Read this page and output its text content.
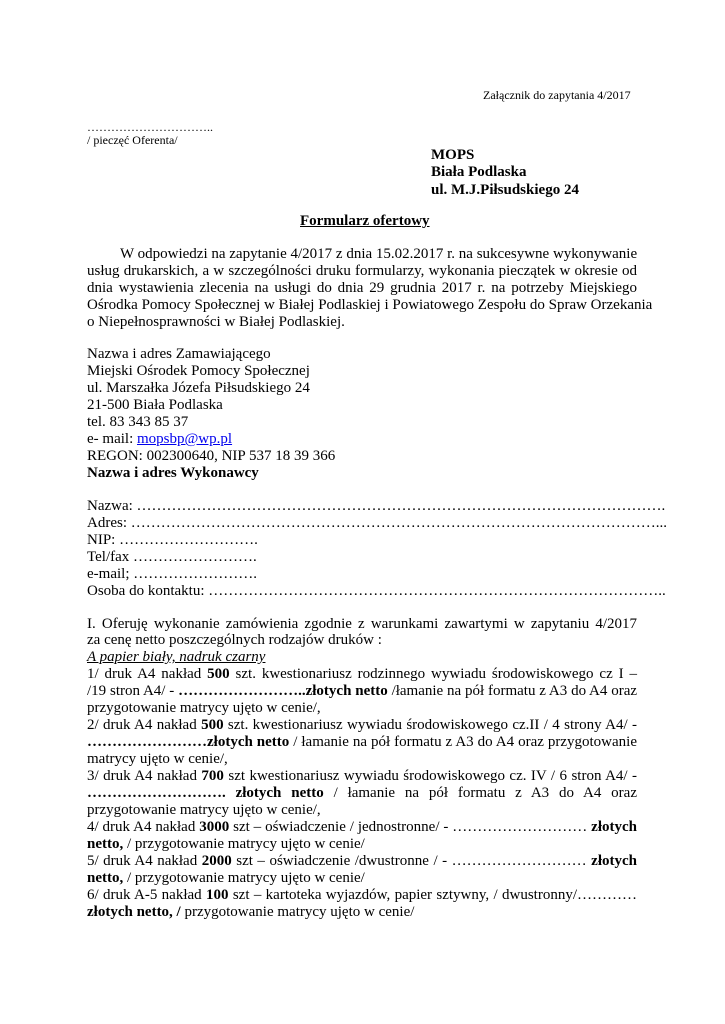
Załącznik do zapytania 4/2017
…………………………..
/ pieczęć Oferenta/
MOPS
Biała Podlaska
ul. M.J.Piłsudskiego 24
Formularz ofertowy
W odpowiedzi na zapytanie 4/2017 z dnia 15.02.2017 r. na sukcesywne wykonywanie
usług drukarskich, a w szczególności druku formularzy, wykonania pieczątek w okresie od
dnia wystawienia zlecenia na usługi do dnia 29 grudnia 2017 r. na potrzeby Miejskiego
Ośrodka Pomocy Społecznej w Białej Podlaskiej i Powiatowego Zespołu do Spraw Orzekania
o Niepełnosprawności w Białej Podlaskiej.
Nazwa i adres Zamawiającego
Miejski Ośrodek Pomocy Społecznej
ul. Marszałka Józefa Piłsudskiego 24
21-500 Biała Podlaska
tel. 83 343 85 37
e- mail: mopsbp@wp.pl
REGON: 002300640, NIP 537 18 39 366
Nazwa i adres Wykonawcy
Nazwa: …………………………………………………………………………………………….
Adres: ……………………………………………………………………………………………...
NIP: ……………………….
Tel/fax …………………….
e-mail; …………………….
Osoba do kontaktu: ………………………………………………………………………………..
I. Oferuję wykonanie zamówienia zgodnie z warunkami zawartymi w zapytaniu 4/2017
za cenę netto poszczególnych rodzajów druków :
A papier biały, nadruk czarny
1/ druk A4 nakład 500 szt. kwestionariusz rodzinnego wywiadu środowiskowego cz I –
/19 stron A4/ - ……………………..złotych netto /łamanie na pół formatu z A3 do A4 oraz
przygotowanie matrycy ujęto w cenie/,
2/ druk A4 nakład 500 szt. kwestionariusz wywiadu środowiskowego cz.II / 4 strony A4/ -
……………………złotych netto / łamanie na pół formatu z A3 do A4 oraz przygotowanie
matrycy ujęto w cenie/,
3/ druk A4 nakład 700 szt kwestionariusz wywiadu środowiskowego cz. IV / 6 stron A4/ -
………………………. złotych netto / łamanie na pół formatu z A3 do A4 oraz
przygotowanie matrycy ujęto w cenie/,
4/ druk A4 nakład 3000 szt – oświadczenie / jednostronne/ - ……………………… złotych
netto, / przygotowanie matrycy ujęto w cenie/
5/ druk A4 nakład 2000 szt – oświadczenie /dwustronne / - ……………………… złotych
netto, / przygotowanie matrycy ujęto w cenie/
6/ druk A-5 nakład 100 szt – kartoteka wyjazdów, papier sztywny, / dwustronny/…………
złotych netto, / przygotowanie matrycy ujęto w cenie/
